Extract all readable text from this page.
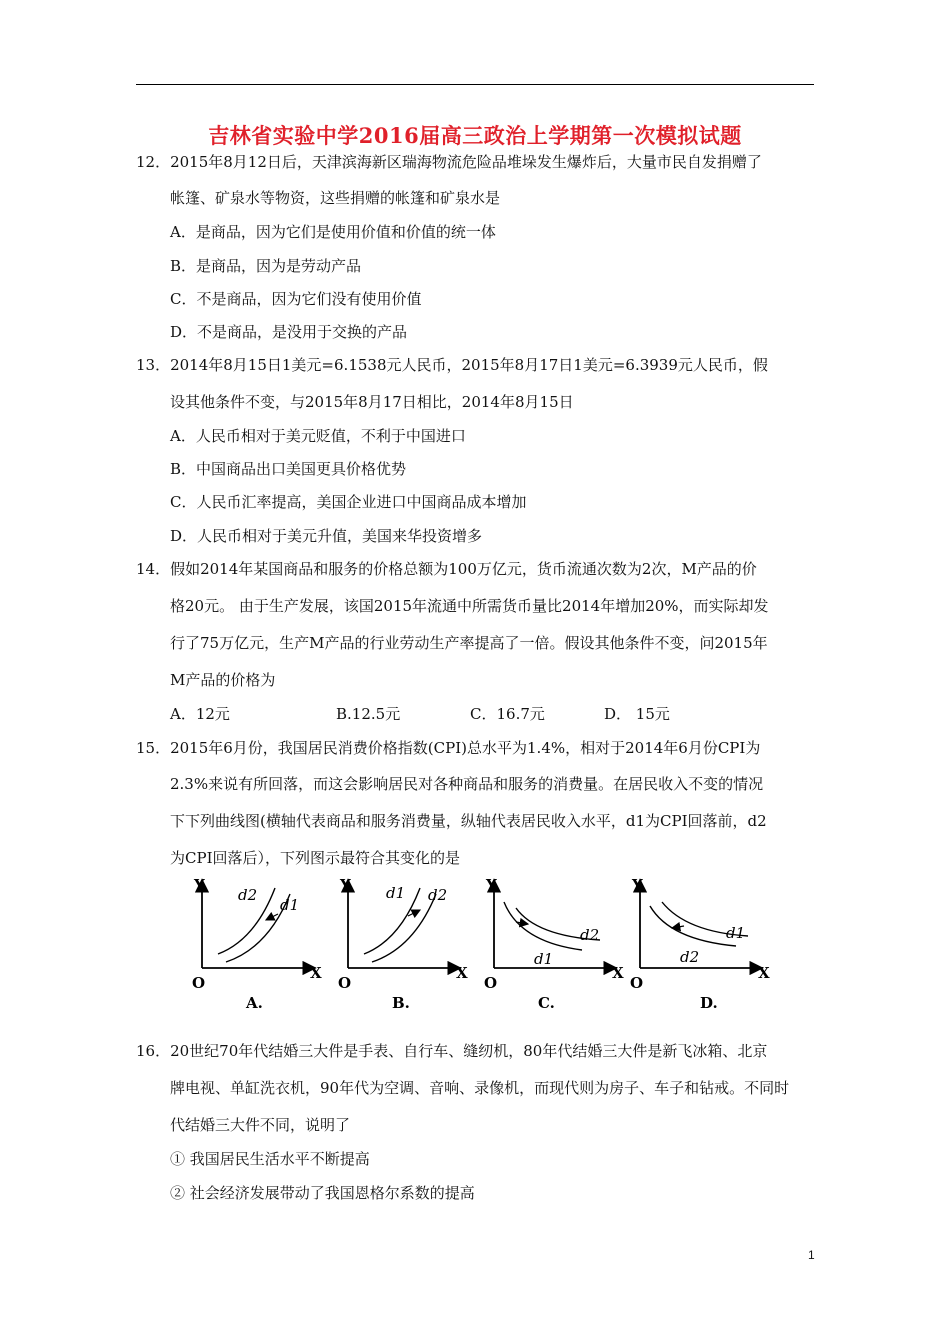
吉林省实验中学2016届高三政治上学期第一次模拟试题
12．2015年8月12日后，天津滨海新区瑞海物流危险品堆垛发生爆炸后，大量市民自发捐赠了
帐篷、矿泉水等物资，这些捐赠的帐篷和矿泉水是
A．是商品，因为它们是使用价值和价值的统一体
B．是商品，因为是劳动产品
C．不是商品，因为它们没有使用价值
D．不是商品，是没用于交换的产品
13．2014年8月15日1美元=6.1538元人民币，2015年8月17日1美元=6.3939元人民币，假
设其他条件不变，与2015年8月17日相比，2014年8月15日
A．人民币相对于美元贬值，不利于中国进口
B．中国商品出口美国更具价格优势
C．人民币汇率提高，美国企业进口中国商品成本增加
D．人民币相对于美元升值，美国来华投资增多
14．假如2014年某国商品和服务的价格总额为100万亿元，货币流通次数为2次，M产品的价
格20元。 由于生产发展，该国2015年流通中所需货币量比2014年增加20%，而实际却发
行了75万亿元，生产M产品的行业劳动生产率提高了一倍。假设其他条件不变，问2015年
M产品的价格为
A．12元	B.12.5元	C．16.7元	D． 15元
15．2015年6月份，我国居民消费价格指数(CPI)总水平为1.4%，相对于2014年6月份CPI为
2.3%来说有所回落，而这会影响居民对各种商品和服务的消费量。在居民收入不变的情况
下下列曲线图(横轴代表商品和服务消费量，纵轴代表居民收入水平，d1为CPI回落前，d2
为CPI回落后），下列图示最符合其变化的是
Y
X
O
d2
d1
A.
Y
X
O
d1 d2
B.
Y
X
O
d2
d1
C.
Y
X
O
d1
d2
D.
16．20世纪70年代结婚三大件是手表、自行车、缝纫机，80年代结婚三大件是新飞冰箱、北京
牌电视、单缸洗衣机，90年代为空调、音响、录像机，而现代则为房子、车子和钻戒。不同时
代结婚三大件不同，说明了
① 我国居民生活水平不断提高
② 社会经济发展带动了我国恩格尔系数的提高
1
